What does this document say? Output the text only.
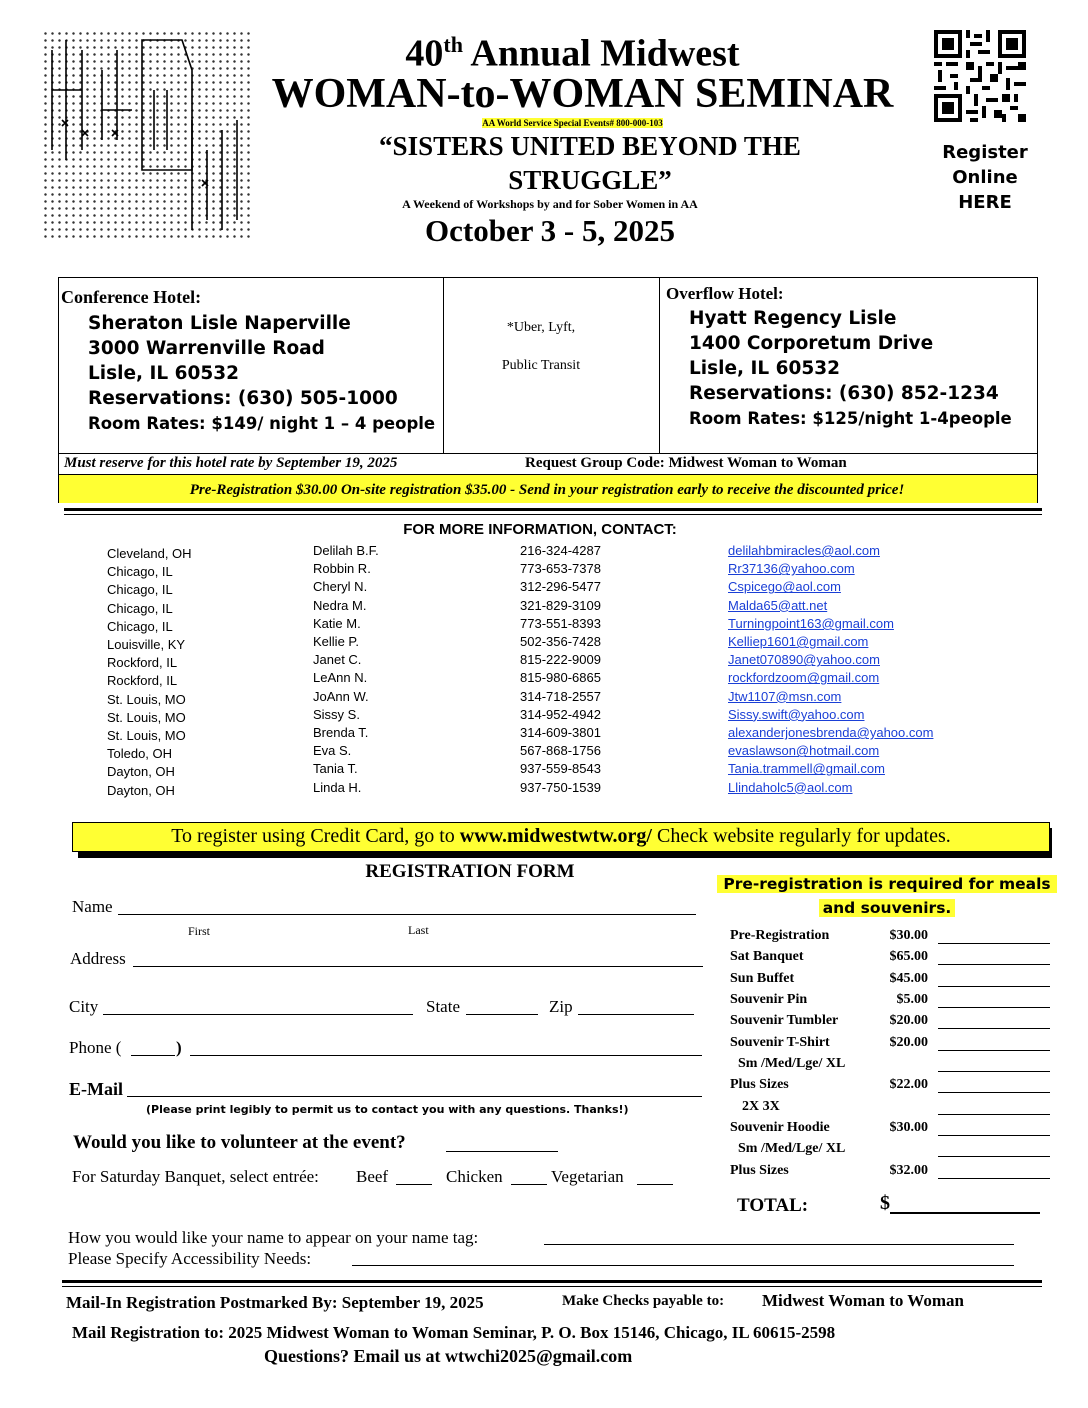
40th Annual Midwest
WOMAN-to-WOMAN SEMINAR
AA World Service Special Events# 800-000-103
“SISTERS UNITED BEYOND THE
STRUGGLE”
A Weekend of Workshops by and for Sober Women in AA
October 3 - 5, 2025
Register
Online
HERE
Conference Hotel:
Sheraton Lisle Naperville
3000 Warrenville Road
Lisle, IL 60532
Reservations: (630) 505-1000
Room Rates: $149/ night 1 – 4 people
*Uber, Lyft,
Public Transit
Overflow Hotel:
Hyatt Regency Lisle
1400 Corporetum Drive
Lisle, IL 60532
Reservations: (630) 852-1234
Room Rates: $125/night 1-4people
Must reserve for this hotel rate by September 19, 2025	Request Group Code: Midwest Woman to Woman
Pre-Registration $30.00 On-site registration $35.00 - Send in your registration early to receive the discounted price!
FOR MORE INFORMATION, CONTACT:
Cleveland, OH	Delilah B.F.	216-324-4287	delilahbmiracles@aol.com
Chicago, IL	Robbin R.	773-653-7378	Rr37136@yahoo.com
Chicago, IL	Cheryl N.	312-296-5477	Cspicego@aol.com
Chicago, IL	Nedra M.	321-829-3109	Malda65@att.net
Chicago, IL	Katie M.	773-551-8393	Turningpoint163@gmail.com
Louisville, KY	Kellie P.	502-356-7428	Kelliep1601@gmail.com
Rockford, IL	Janet C.	815-222-9009	Janet070890@yahoo.com
Rockford, IL	LeAnn N.	815-980-6865	rockfordzoom@gmail.com
St. Louis, MO	JoAnn W.	314-718-2557	Jtw1107@msn.com
St. Louis, MO	Sissy S.	314-952-4942	Sissy.swift@yahoo.com
St. Louis, MO	Brenda T.	314-609-3801	alexanderjonesbrenda@yahoo.com
Toledo, OH	Eva S.	567-868-1756	evaslawson@hotmail.com
Dayton, OH	Tania T.	937-559-8543	Tania.trammell@gmail.com
Dayton, OH	Linda H.	937-750-1539	Llindaholc5@aol.com
To register using Credit Card, go to www.midwestwtw.org/ Check website regularly for updates.
REGISTRATION FORM
Name
First	Last
Address
City	State	Zip
Phone (	)
E-Mail
(Please print legibly to permit us to contact you with any questions. Thanks!)
Would you like to volunteer at the event?
For Saturday Banquet, select entrée: Beef	Chicken	Vegetarian
How you would like your name to appear on your name tag:
Please Specify Accessibility Needs:
Pre-registration is required for meals
and souvenirs.
Pre-Registration	$30.00
Sat Banquet	$65.00
Sun Buffet	$45.00
Souvenir Pin	$5.00
Souvenir Tumbler	$20.00
Souvenir T-Shirt	$20.00
Sm /Med/Lge/ XL
Plus Sizes	$22.00
2X 3X
Souvenir Hoodie	$30.00
Sm /Med/Lge/ XL
Plus Sizes	$32.00
TOTAL:	$
Mail-In Registration Postmarked By: September 19, 2025	Make Checks payable to: Midwest Woman to Woman
Mail Registration to: 2025 Midwest Woman to Woman Seminar, P. O. Box 15146, Chicago, IL 60615-2598
Questions? Email us at wtwchi2025@gmail.com
